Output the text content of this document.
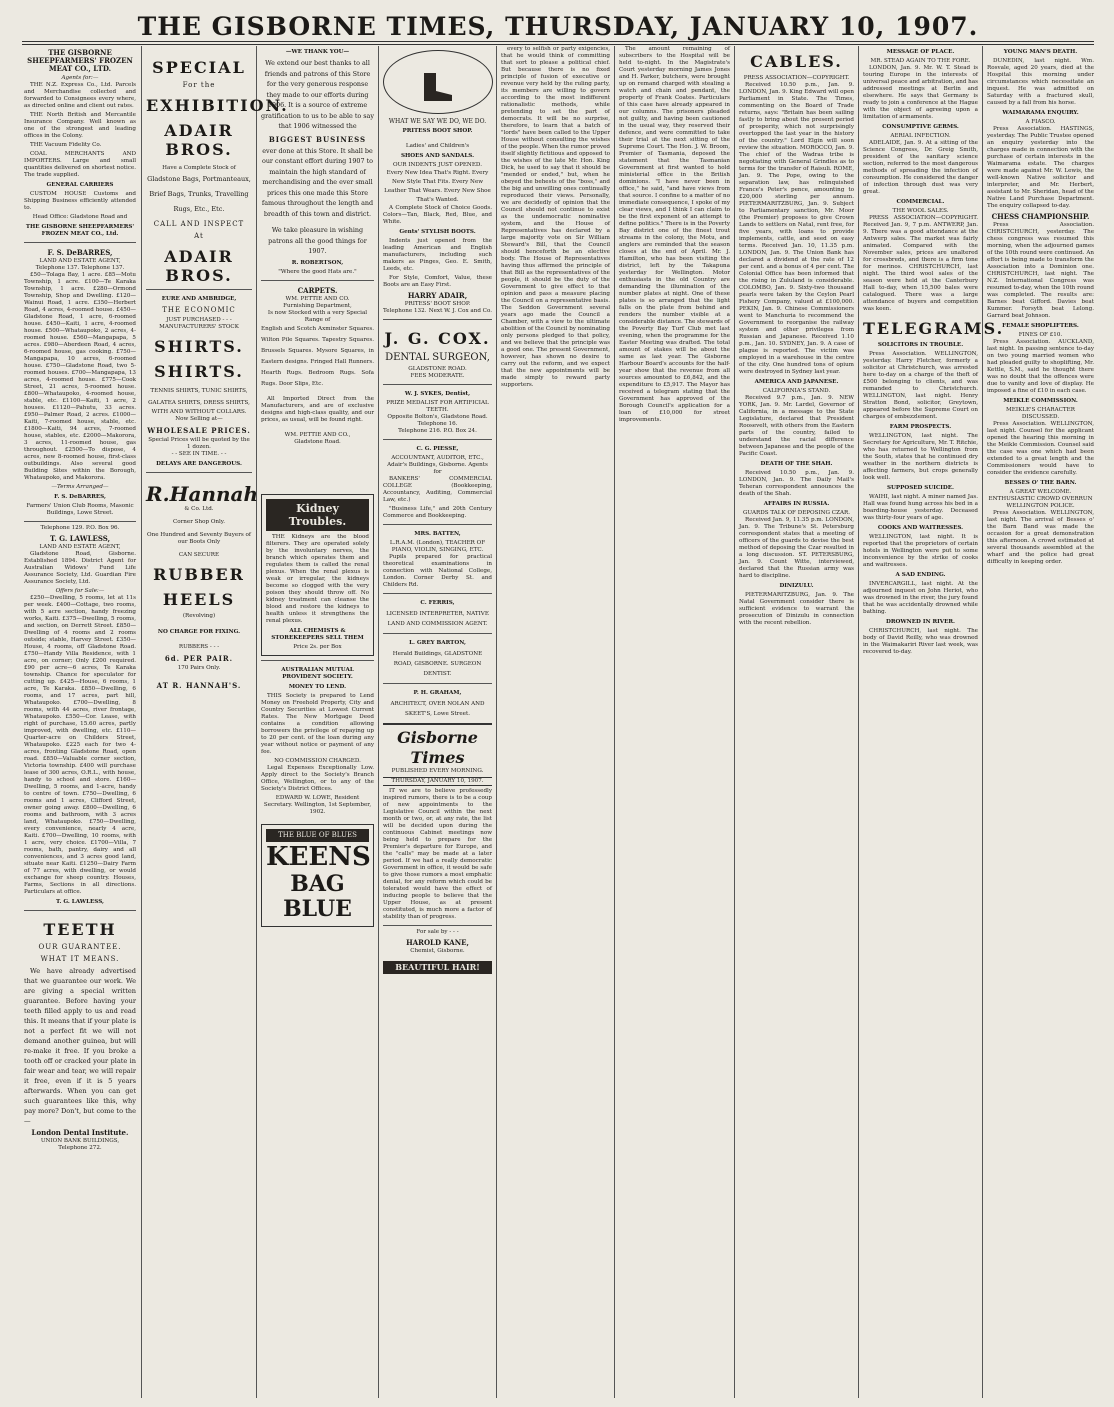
THE GISBORNE TIMES, THURSDAY, JANUARY 10, 1907.
THE GISBORNE SHEEPFARMERS' FROZEN MEAT CO., LTD.
Agents for:—

THE N.Z. Express Co., Ltd. Parcels and Merchandise collected and forwarded to Consignees every where, as directed online and client out rates.

THE North British and Mercantile Insurance Company. Well known as one of the strongest and leading offices in the Colony.

THE Vacuum Fidelity Co.

COAL MERCHANTS AND IMPORTERS. Large and small quantities delivered on shortest notice. The trade supplied.

GENERAL CARRIERS

CUSTOM HOUSE Customs and Shipping Business efficiently attended to.

Head Office: Gladstone Road and
THE GISBORNE SHEEPFARMERS' FROZEN MEAT CO., Ltd.
F. S. DeBARRES,
LAND AND ESTATE AGENT,
Telephone 137. Telephone 137.

£50—Tolaga Bay, 1 acre. £85—Motu Township, 1 acre. £100—Te Karaka Township, 1 acre. £280—Ormond Township, Shop and Dwelling. £120—Wainui Road, 1 acre. £350—Herbert Road, 4 acres, 4-roomed house. £450—Gladstone Road, 1 acre, 6-roomed house. £450—Kaiti, 1 acre, 4-roomed house. £500—Whataupoko, 2 acres, 4-roomed house. £560—Mangapapa, 5 acres. £980—Aberdeen Road, 4 acres, 6-roomed house, gas cooking. £750—Mangapapa, 10 acres, 6-roomed house. £750—Gladstone Road, two 5-roomed houses. £700—Mangapapa, 13 acres, 4-roomed house. £775—Cook Street, 21 acres, 5-roomed house. £800—Whataupoko, 4-roomed house, stable, etc. £1100—Kaiti, 1 acre, 2 houses. £1120—Pahutu, 33 acres. £950—Palmer Road, 2 acres. £1000—Kaiti, 7-roomed house, stable, etc. £1800—Kaiti, 94 acres, 7-roomed house, stables, etc. £2000—Makorora, 3 acres, 11-roomed house, gas throughout. £2500—To dispose, 4 acres, new 8-roomed house, first-class outbuildings. Also several good Building Sites within the Borough, Whataupoko, and Makorora.

—Terms Arranged—
F. S. DeBARRES,
Farmers' Union Club Rooms, Masonic Buildings, Lowe Street.
Telephone 129. P.O. Box 96.
T. G. LAWLESS,
LAND AND ESTATE AGENT,

Gladstone Road, Gisborne. Established 1894. District Agent for Australian Widows' Fund Life Assurance Society, Ltd. Guardian Fire Assurance Society, Ltd.

Offers for Sale:—

£250—Dwelling, 5 rooms, let at 11s per week. £400—Cottage, two rooms, with 5 acre section, handy freezing works, Kaiti. £375—Dwelling, 5 rooms, and section, on Derrett Street. £850—Dwelling of 4 rooms and 2 rooms outside; stable, Harvey Street. £350—House, 4 rooms, off Gladstone Road. £750—Handy Villa Residence, with 1 acre, on corner; Only £200 required. £90 per acre—6 acres, Te Karaka township. Chance for speculator for cutting up. £425—House, 6 rooms, 1 acre, Te Karaka. £850—Dwelling, 6 rooms, and 17 acres, part hill, Whataupoko. £700—Dwelling, 8 rooms, with 44 acres, river frontage, Whataupoko. £550—Cor. Lease, with right of purchase, 15.60 acres, partly improved, with dwelling, etc. £110—Quarter-acre on Childers Street, Whataupoko. £225 each for two 4-acres, fronting Gladstone Road, open road. £850—Valuable corner section, Victoria township. £400 will purchase lease of 300 acres, O.R.L., with house, handy to school and store. £160—Dwelling, 5 rooms, and 1-acre, handy to centre of town. £750—Dwelling, 6 rooms and 1 acres, Clifford Street, owner going away. £800—Dwelling, 6 rooms and bathroom, with 3 acres land, Whataupoko. £750—Dwelling, every convenience, nearly 4 acre, Kaiti. £700—Dwelling, 10 rooms, with 1 acre, very choice. £1700—Villa, 7 rooms, bath, pantry, dairy and all conveniences, and 3 acres good land, situate near Kaiti. £1250—Dairy Farm of 77 acres, with dwelling, or would exchange for sheep country. Houses, Farms, Sections in all directions. Particulars at office.

T. G. LAWLESS,
TEETH
OUR GUARANTEE.
WHAT IT MEANS.

We have already advertised that we guarantee our work. We are giving a special written guarantee. Before having your teeth filled apply to us and read this. It means that if your plate is not a perfect fit we will not demand another guinea, but will re-make it free. If you broke a tooth off or cracked your plate in fair wear and tear, we will repair it free, even if it is 5 years afterwards. When you can get such guarantees like this, why pay more? Don't, but come to the—

London Dental Institute.
UNION BANK BUILDINGS,
Telephone 272.
SPECIAL
For the
EXHIBITION.
ADAIR BROS.
Have a Complete Stock of
Gladstone Bags, Portmanteaux, Brief Bags, Trunks, Travelling Rugs, Etc., Etc.
CALL AND INSPECT
At
ADAIR BROS.
EURE AND AMBRIDGE,
THE ECONOMIC
JUST PURCHASED - - -
MANUFACTURERS' STOCK
SHIRTS.
SHIRTS.
TENNIS SHIRTS, TUNIC SHIRTS, GALATEA SHIRTS, DRESS SHIRTS,
WITH AND WITHOUT COLLARS.
Now Selling at—
WHOLESALE PRICES.
Special Prices will be quoted by the 1 dozen.
- - SEE IN TIME. - -
DELAYS ARE DANGEROUS.
R.Hannah
& Co. Ltd.
Corner Shop Only.
One Hundred and Seventy Buyers of
our Boots Only
CAN SECURE
RUBBER
HEELS
(Revolving)
NO CHARGE FOR FIXING.
RUBBERS - - -
6d. PER PAIR.
170 Pairs Only.
AT R. HANNAH'S.
—WE THANK YOU—
We extend our best thanks to all friends and patrons of this Store for the very generous response they made to our efforts during 1906. It is a source of extreme gratification to us to be able to say that 1906 witnessed the
BIGGEST BUSINESS
ever done at this Store. It shall be our constant effort during 1907 to maintain the high standard of merchandising and the ever small prices this one made this Store famous throughout the length and breadth of this town and district.
We take pleasure in wishing patrons all the good things for 1907.
R. ROBERTSON,
"Where the good Hats are."
CARPETS.
WM. PETTIE AND CO.
Furnishing Department,
Is now Stocked with a very Special Range of
English and Scotch Axminster Squares. Wilton Pile Squares. Tapestry Squares. Brussels Squares. Mysore Squares, in Eastern designs. Fringed Hall Runners. Hearth Rugs. Bedroom Rugs. Sofa Rugs. Door Slips, Etc.

All Imported Direct from the Manufacturers, and are of exclusive designs and high-class quality, and our prices, as usual, will be found right.

WM. PETTIE AND CO.,
Gladstone Road.
Kidney Troubles.

THE Kidneys are the blood filterers. They are operated solely by the involuntary nerves, the branch which operates them and regulates them is called the renal plexus. When the renal plexus is weak or irregular, the kidneys become so clogged with the very poison they should throw off. No kidney treatment can cleanse the blood and restore the kidneys to health unless it strengthens the renal plexus.

ALL CHEMISTS & STOREKEEPERS SELL THEM
Price 2s. per Box
AUSTRALIAN MUTUAL PROVIDENT SOCIETY.
MONEY TO LEND.

THIS Society is prepared to Lend Money on Freehold Property, City and Country Securities at Lowest Current Rates. The New Mortgage Deed contains a condition allowing borrowers the privilege of repaying up to 20 per cent. of the loan during any year without notice or payment of any fee.

NO COMMISSION CHARGED.

Legal Expenses Exceptionally Low. Apply direct to the Society's Branch Office, Wellington, or to any of the Society's District Offices.

EDWARD W. LOWE, Resident Secretary. Wellington, 1st September, 1902.
THE BLUE OF BLUES
KEENS
BAG
BLUE
WHAT WE SAY WE DO, WE DO.
PRITESS BOOT SHOP.
Ladies' and Children's
SHOES AND SANDALS.
OUR INDENTS JUST OPENED.
Every New Idea That's Right. Every New Style That Fits. Every New Leather That Wears. Every New Shoe That's Wanted.

A Complete Stock of Choice Goods. Colors—Tan, Black, Red, Blue, and White.

Gents' STYLISH BOOTS.

Indents just opened from the leading American and English manufacturers, including such makers as Pinges, Geo. E. Smith, Leeds, etc.

For Style, Comfort, Value, these Boots are an Easy First.

HARRY ADAIR,
PRITESS' BOOT SHOP.
Telephone 132. Next W. J. Cox and Co.
J. G. COX.
DENTAL SURGEON,
GLADSTONE ROAD.
FEES MODERATE.
W. J. SYKES, Dentist,
PRIZE MEDALIST FOR ARTIFICIAL TEETH.
Opposite Bolton's, Gladstone Road. Telephone 16.
Telephone 216. P.O. Box 24.
C. G. PIESSE,
ACCOUNTANT, AUDITOR, ETC., Adair's Buildings, Gisborne. Agents for

BANKERS' COMMERCIAL COLLEGE (Bookkeeping, Accountancy, Auditing, Commercial Law, etc.)

"Business Life," and 20th Century Commerce and Bookkeeping.

MRS. BATTEN,
L.R.A.M. (London), TEACHER OF PIANO, VIOLIN, SINGING, ETC.

Pupils prepared for practical theoretical examinations in connection with National College, London. Corner Derby St. and Childers Rd.

C. FERRIS,
LICENSED INTERPRETER, NATIVE LAND AND COMMISSION AGENT.
L. GREY BARTON,
Herald Buildings, GLADSTONE ROAD, GISBORNE. SURGEON DENTIST.
P. H. GRAHAM,
ARCHITECT, OVER NOLAN AND SKEET'S, Lowe Street.
Gisborne Times
PUBLISHED EVERY MORNING.
THURSDAY, JANUARY 10, 1907.

IT we are to believe professedly inspired rumors, there is to be a coup of new appointments to the Legislative Council within the next month or two, or, at any rate, the list will be decided upon during the continuous Cabinet meetings now being held to prepare for the Premier's departure for Europe, and the "calls" may be made at a later period. If we had a really democratic Government in office, it would be safe to give those rumors a most emphatic denial, for any reform which could be tolerated would have the effect of inducing people to believe that the Upper House, as at present constituted, is much more a factor of stability than of progress.

For sale by - - -
HAROLD KANE,
Chemist, Gisborne.
BEAUTIFUL HAIR!

every to selfish or party exigencies, that he would think of committing that sort to please a political chief. But because there is no fixed principle of fusion of executive or revenue very held by the ruling party, its members are willing to govern according to the most indifferent rationalistic methods, while pretending to set the part of democrats. It will be no surprise, therefore, to learn that a batch of "lords" have been called to the Upper House without consulting the wishes of the people. When the rumor proved itself slightly fictitious and opposed to the wishes of the late Mr. Hon. King Dick, he used to say that it should be "mended or ended," but, when he obeyed the behests of the "boss," and the big and unwilling ones continually reproduced their views. Personally, we are decidedly of opinion that the Council should not continue to exist as the undemocratic nominative system, and the House of Representatives has declared by a large majority vote on Sir William Steward's Bill, that the Council should henceforth be an elective body. The House of Representatives having thus affirmed the principle of that Bill as the representatives of the people, it should be the duty of the Government to give effect to that opinion and pass a measure placing the Council on a representative basis. The Seddon Government several years ago made the Council a Chamber, with a view to the ultimate abolition of the Council by nominating only persons pledged to that policy, and we believe that the principle was a good one. The present Government, however, has shown no desire to carry out the reform, and we expect that the new appointments will be made simply to reward party supporters.

The amount remaining of subscribers to the Hospital will be held to-night. In the Magistrate's Court yesterday morning James Jones and H. Parker, butchers, were brought up on remand charged with stealing a watch and chain and pendant, the property of Frank Coates. Particulars of this case have already appeared in our columns. The prisoners pleaded not guilty, and having been cautioned in the usual way, they reserved their defence, and were committed to take their trial at the next sitting of the Supreme Court. The Hon. J. W. Broom, Premier of Tasmania, deposed the statement that the Tasmanian Government at first wanted to hold ministerial office in the British dominions. "I have never been in office," he said, "and have views from that source. I confine to a matter of no immediate consequence, I spoke of my clear views, and I think I can claim to be the first exponent of an attempt to define politics." There is in the Poverty Bay district one of the finest trout streams in the colony, the Motu, and anglers are reminded that the season closes at the end of April. Mr. J. Hamilton, who has been visiting the district, left by the Takapuna yesterday for Wellington. Motor enthusiasts in the old Country are demanding the illumination of the number plates at night. One of these plates is so arranged that the light falls on the plate from behind and renders the number visible at a considerable distance. The stewards of the Poverty Bay Turf Club met last evening, when the programme for the Easter Meeting was drafted. The total amount of stakes will be about the same as last year. The Gisborne Harbour Board's accounts for the half-year show that the revenue from all sources amounted to £6,842, and the expenditure to £5,917. The Mayor has received a telegram stating that the Government has approved of the Borough Council's application for a loan of £10,000 for street improvements.

CABLES.
PRESS ASSOCIATION—COPYRIGHT.

Received 10.50 p.m., Jan. 9. LONDON, Jan. 9. King Edward will open Parliament in State. The Times, commenting on the Board of Trade returns, says: "Britain has been sailing fastly to bring about the present period of prosperity, which not surprisingly overtopped the last year in the history of the country." Lord Elgin will soon review the situation. MOROCCO, Jan. 9. The chief of the Wadras tribe is negotiating with General Grindles as to terms for the transfer of Raisuli. ROME, Jan. 9. The Pope, owing to the separation law, has relinquished France's Peter's pence, amounting to £20,000 sterling per annum. PIETERMARITZBURG, Jan. 9. Subject to Parliamentary sanction, Mr. Moor (the Premier) proposes to give Crown Lands to settlers on Natal, rent free, for five years, with loans to provide implements, cattle, and seed on easy terms. Received Jan. 10, 11.35 p.m. LONDON, Jan. 9. The Union Bank has declared a dividend at the rate of 12 per cent. and a bonus of 4 per cent. The Colonial Office has been informed that the rising in Zululand is considerable. COLOMBO, Jan. 9. Sixty-two thousand pearls were taken by the Ceylon Pearl Fishery Company, valued at £100,000. PEKIN, Jan. 9. Chinese Commissioners went to Manchuria to recommend the Government to reorganise the railway system and other privileges from Russian and Japanese. Received 1.10 p.m., Jan. 10. SYDNEY, Jan. 9. A case of plague is reported. The victim was employed in a warehouse in the centre of the city. One hundred tons of opium were destroyed in Sydney last year.

AMERICA AND JAPANESE.
CALIFORNIA'S STAND.

Received 9.7 p.m., Jan. 9. NEW YORK, Jan. 9. Mr. Lardel, Governor of California, in a message to the State Legislature, declared that President Roosevelt, with others from the Eastern parts of the country, failed to understand the racial difference between Japanese and the people of the Pacific Coast.

DEATH OF THE SHAH.

Received 10.50 p.m., Jan. 9. LONDON, Jan. 9. The Daily Mail's Teheran correspondent announces the death of the Shah.

AFFAIRS IN RUSSIA.
GUARDS TALK OF DEPOSING CZAR.

Received Jan. 9, 11.35 p.m. LONDON, Jan. 9. The Tribune's St. Petersburg correspondent states that a meeting of officers of the guards to devise the best method of deposing the Czar resulted in a long discussion. ST. PETERSBURG, Jan. 9. Count Witte, interviewed, declared that the Russian army was hard to discipline.

DINIZULU.

PIETERMARITZBURG, Jan. 9. The Natal Government consider there is sufficient evidence to warrant the prosecution of Dinizulu in connection with the recent rebellion.

MESSAGE OF PLACE.
MR. STEAD AGAIN TO THE FORE.

LONDON, Jan. 9. Mr. W. T. Stead is touring Europe in the interests of universal peace and arbitration, and has addressed meetings at Berlin and elsewhere. He says that Germany is ready to join a conference at the Hague with the object of agreeing upon a limitation of armaments.

CONSUMPTIVE GERMS.
AERIAL INFECTION.

ADELAIDE, Jan. 9. At a sitting of the Science Congress, Dr. Greig Smith, president of the sanitary science section, referred to the most dangerous methods of spreading the infection of consumption. He considered the danger of infection through dust was very great.

COMMERCIAL.
THE WOOL SALES.

PRESS ASSOCIATION—COPYRIGHT. Received Jan. 9, 7 p.m. ANTWERP, Jan. 9. There was a good attendance at the Antwerp sales. The market was fairly animated. Compared with the November sales, prices are unaltered for crossbreds, and there is a firm tone for merinos. CHRISTCHURCH, last night. The third wool sales of the season were held at the Canterbury Hall to-day, when 15,500 bales were catalogued. There was a large attendance of buyers and competition was keen.

TELEGRAMS.
SOLICITORS IN TROUBLE.

Press Association. WELLINGTON, yesterday. Harry Fletcher, formerly a solicitor at Christchurch, was arrested here to-day on a charge of the theft of £500 belonging to clients, and was remanded to Christchurch. WELLINGTON, last night. Henry Stratton Bond, solicitor, Greytown, appeared before the Supreme Court on charges of embezzlement.

FARM PROSPECTS.

WELLINGTON, last night. The Secretary for Agriculture, Mr. T. Ritchie, who has returned to Wellington from the South, states that he continued dry weather in the northern districts is affecting farmers, but crops generally look well.

SUPPOSED SUICIDE.

WAIHI, last night. A miner named Jas. Hall was found hung across his bed in a boarding-house yesterday. Deceased was thirty-four years of age.

COOKS AND WAITRESSES.

WELLINGTON, last night. It is reported that the proprietors of certain hotels in Wellington were put to some inconvenience by the strike of cooks and waitresses.

A SAD ENDING.

INVERCARGILL, last night. At the adjourned inquest on John Heriot, who was drowned in the river, the jury found that he was accidentally drowned while bathing.

DROWNED IN RIVER.

CHRISTCHURCH, last night. The body of David Reilly, who was drowned in the Waimakariri River last week, was recovered to-day.

YOUNG MAN'S DEATH.

DUNEDIN, last night. Wm. Rosvale, aged 20 years, died at the Hospital this morning under circumstances which necessitate an inquest. He was admitted on Saturday with a fractured skull, caused by a fall from his horse.

WAIMARAMA ENQUIRY.
A FIASCO.

Press Association. HASTINGS, yesterday. The Public Trustee opened an enquiry yesterday into the charges made in connection with the purchase of certain interests in the Waimarama estate. The charges were made against Mr. W. Lewis, the well-known Native solicitor and interpreter, and Mr. Herbert, assistant to Mr. Sheridan, head of the Native Land Purchase Department. The enquiry collapsed to-day.

CHESS CHAMPIONSHIP.

Press Association. CHRISTCHURCH, yesterday. The chess congress was resumed this morning, when the adjourned games of the 10th round were continued. An effort is being made to transform the Association into a Dominion one. CHRISTCHURCH, last night. The N.Z. International Congress was resumed to-day, when the 10th round was completed. The results are: Barnes beat Gifford. Davies beat Kummer. Forsyth beat Lelong. Garrard beat Johnson.

FEMALE SHOPLIFTERS.
FINES OF £10.

Press Association. AUCKLAND, last night. In passing sentence to-day on two young married women who had pleaded guilty to shoplifting, Mr. Kettle, S.M., said he thought there was no doubt that the offences were due to vanity and love of display. He imposed a fine of £10 in each case.

MEIKLE COMMISSION.
MEIKLE'S CHARACTER DISCUSSED.

Press Association. WELLINGTON, last night. Counsel for the applicant opened the hearing this morning in the Meikle Commission. Counsel said the case was one which had been extended to a great length and the Commissioners would have to consider the evidence carefully.

BESSES O' THE BARN.
A GREAT WELCOME.
ENTHUSIASTIC CROWD OVERRUN WELLINGTON POLICE.

Press Association. WELLINGTON, last night. The arrival of Besses o' the Barn Band was made the occasion for a great demonstration this afternoon. A crowd estimated at several thousands assembled at the wharf and the police had great difficulty in keeping order.
